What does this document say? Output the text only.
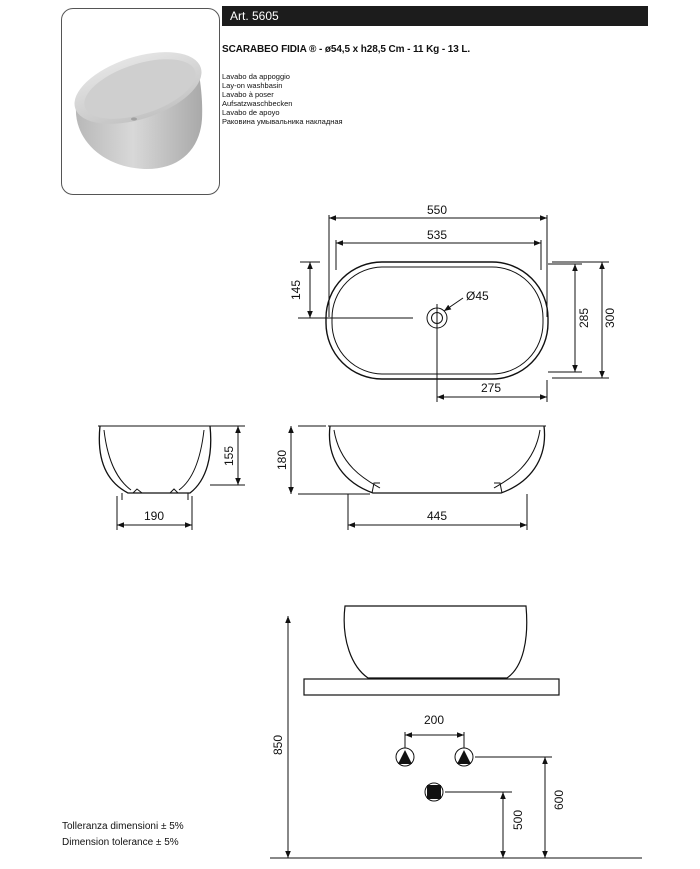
Art. 5605
SCARABEO FIDIA ® - ø54,5 x h28,5 Cm - 11 Kg - 13 L.
Lavabo da appoggio
Lay-on washbasin
Lavabo à poser
Aufsatzwaschbecken
Lavabo de apoyo
Раковина умывальника накладная
550
535
145	Ø45
285 300
275
155
190
180
445
200
850
500
600
Tolleranza dimensioni ± 5%
Dimension tolerance ± 5%
